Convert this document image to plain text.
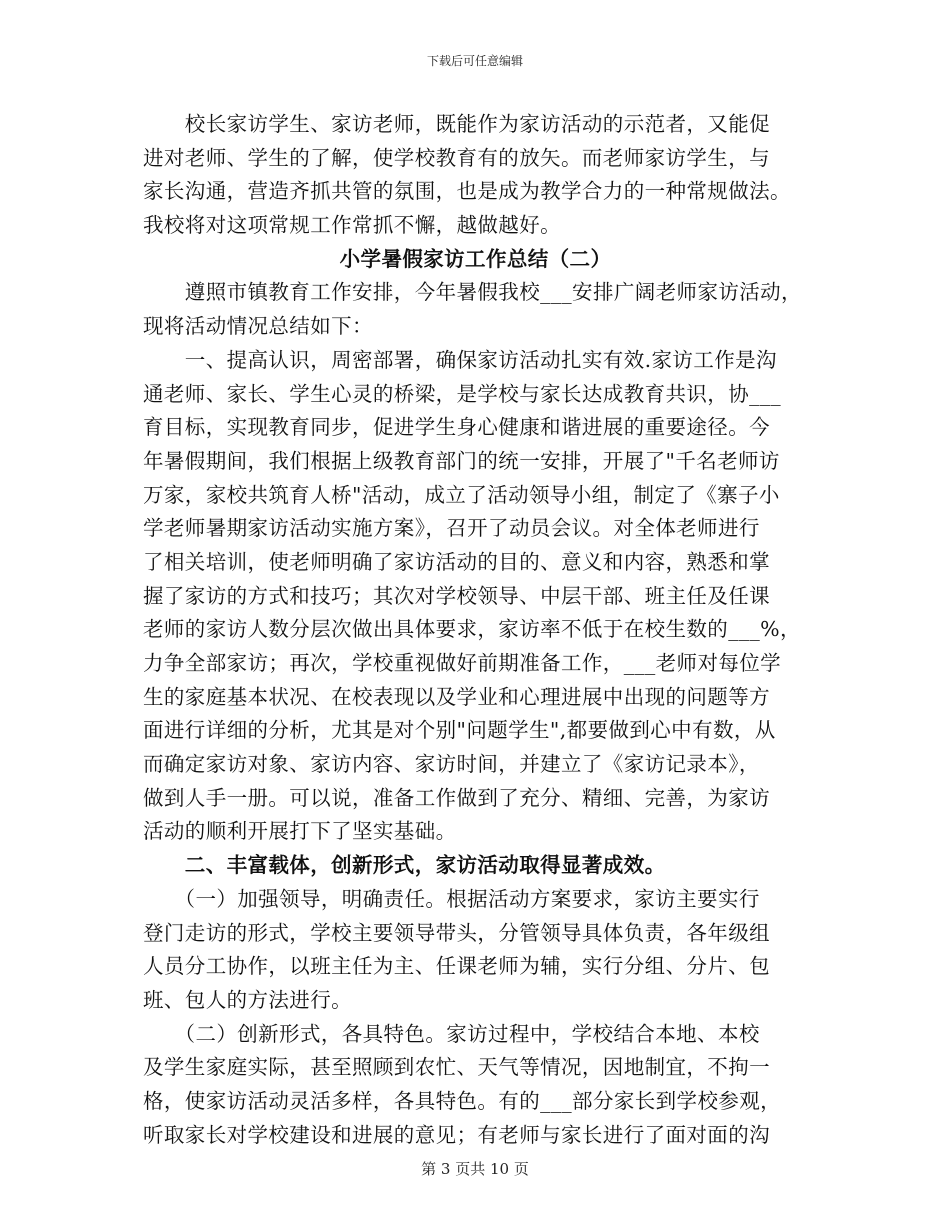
下载后可任意编辑
　　校长家访学生、家访老师，既能作为家访活动的示范者，又能促
进对老师、学生的了解，使学校教育有的放矢。而老师家访学生，与
家长沟通，营造齐抓共管的氛围，也是成为教学合力的一种常规做法。
我校将对这项常规工作常抓不懈，越做越好。
小学暑假家访工作总结（二）
　　遵照市镇教育工作安排，今年暑假我校___安排广阔老师家访活动，
现将活动情况总结如下：
　　一、提高认识，周密部署，确保家访活动扎实有效.家访工作是沟
通老师、家长、学生心灵的桥梁，是学校与家长达成教育共识，协___
育目标，实现教育同步，促进学生身心健康和谐进展的重要途径。今
年暑假期间，我们根据上级教育部门的统一安排，开展了"千名老师访
万家，家校共筑育人桥"活动，成立了活动领导小组，制定了《寨子小
学老师暑期家访活动实施方案》，召开了动员会议。对全体老师进行
了相关培训，使老师明确了家访活动的目的、意义和内容，熟悉和掌
握了家访的方式和技巧；其次对学校领导、中层干部、班主任及任课
老师的家访人数分层次做出具体要求，家访率不低于在校生数的___%，
力争全部家访；再次，学校重视做好前期准备工作，___老师对每位学
生的家庭基本状况、在校表现以及学业和心理进展中出现的问题等方
面进行详细的分析，尤其是对个别"问题学生",都要做到心中有数，从
而确定家访对象、家访内容、家访时间，并建立了《家访记录本》，
做到人手一册。可以说，准备工作做到了充分、精细、完善，为家访
活动的顺利开展打下了坚实基础。
　　二、丰富载体，创新形式，家访活动取得显著成效。
　　（一）加强领导，明确责任。根据活动方案要求，家访主要实行
登门走访的形式，学校主要领导带头，分管领导具体负责，各年级组
人员分工协作，以班主任为主、任课老师为辅，实行分组、分片、包
班、包人的方法进行。
　　（二）创新形式，各具特色。家访过程中，学校结合本地、本校
及学生家庭实际，甚至照顾到农忙、天气等情况，因地制宜，不拘一
格，使家访活动灵活多样，各具特色。有的___部分家长到学校参观，
听取家长对学校建设和进展的意见；有老师与家长进行了面对面的沟
第 3 页共 10 页
